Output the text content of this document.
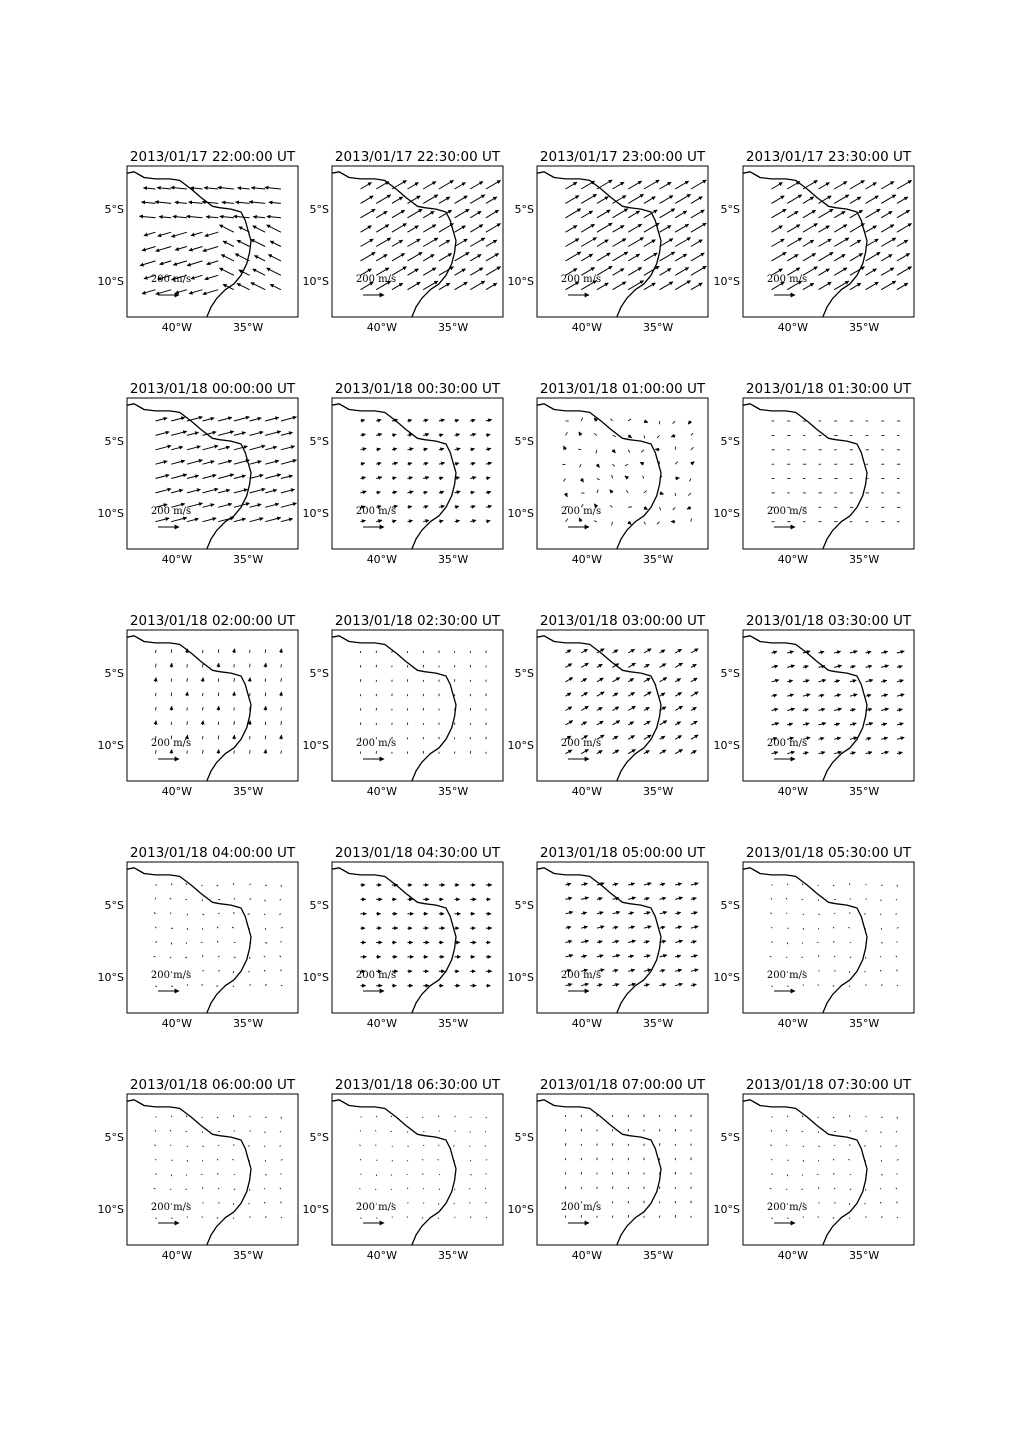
2013/01/17 22:00:00 UT
40°W	35°W
5°S
10°S	200 m/s
2013/01/17 22:30:00 UT
40°W	35°W
5°S
10°S	200 m/s
2013/01/17 23:00:00 UT
40°W	35°W
5°S
10°S	200 m/s
2013/01/17 23:30:00 UT
40°W	35°W
5°S
10°S	200 m/s
2013/01/18 00:00:00 UT
40°W	35°W
5°S
10°S	200 m/s
2013/01/18 00:30:00 UT
40°W	35°W
5°S
10°S	200 m/s
2013/01/18 01:00:00 UT
40°W	35°W
5°S
10°S	200 m/s
2013/01/18 01:30:00 UT
40°W	35°W
5°S
10°S	200 m/s
2013/01/18 02:00:00 UT
40°W	35°W
5°S
10°S	200 m/s
2013/01/18 02:30:00 UT
40°W	35°W
5°S
10°S	200 m/s
2013/01/18 03:00:00 UT
40°W	35°W
5°S
10°S	200 m/s
2013/01/18 03:30:00 UT
40°W	35°W
5°S
10°S	200 m/s
2013/01/18 04:00:00 UT
40°W	35°W
5°S
10°S	200 m/s
2013/01/18 04:30:00 UT
40°W	35°W
5°S
10°S	200 m/s
2013/01/18 05:00:00 UT
40°W	35°W
5°S
10°S	200 m/s
2013/01/18 05:30:00 UT
40°W	35°W
5°S
10°S	200 m/s
2013/01/18 06:00:00 UT
40°W	35°W
5°S
10°S	200 m/s
2013/01/18 06:30:00 UT
40°W	35°W
5°S
10°S	200 m/s
2013/01/18 07:00:00 UT
40°W	35°W
5°S
10°S	200 m/s
2013/01/18 07:30:00 UT
40°W	35°W
5°S
10°S	200 m/s
